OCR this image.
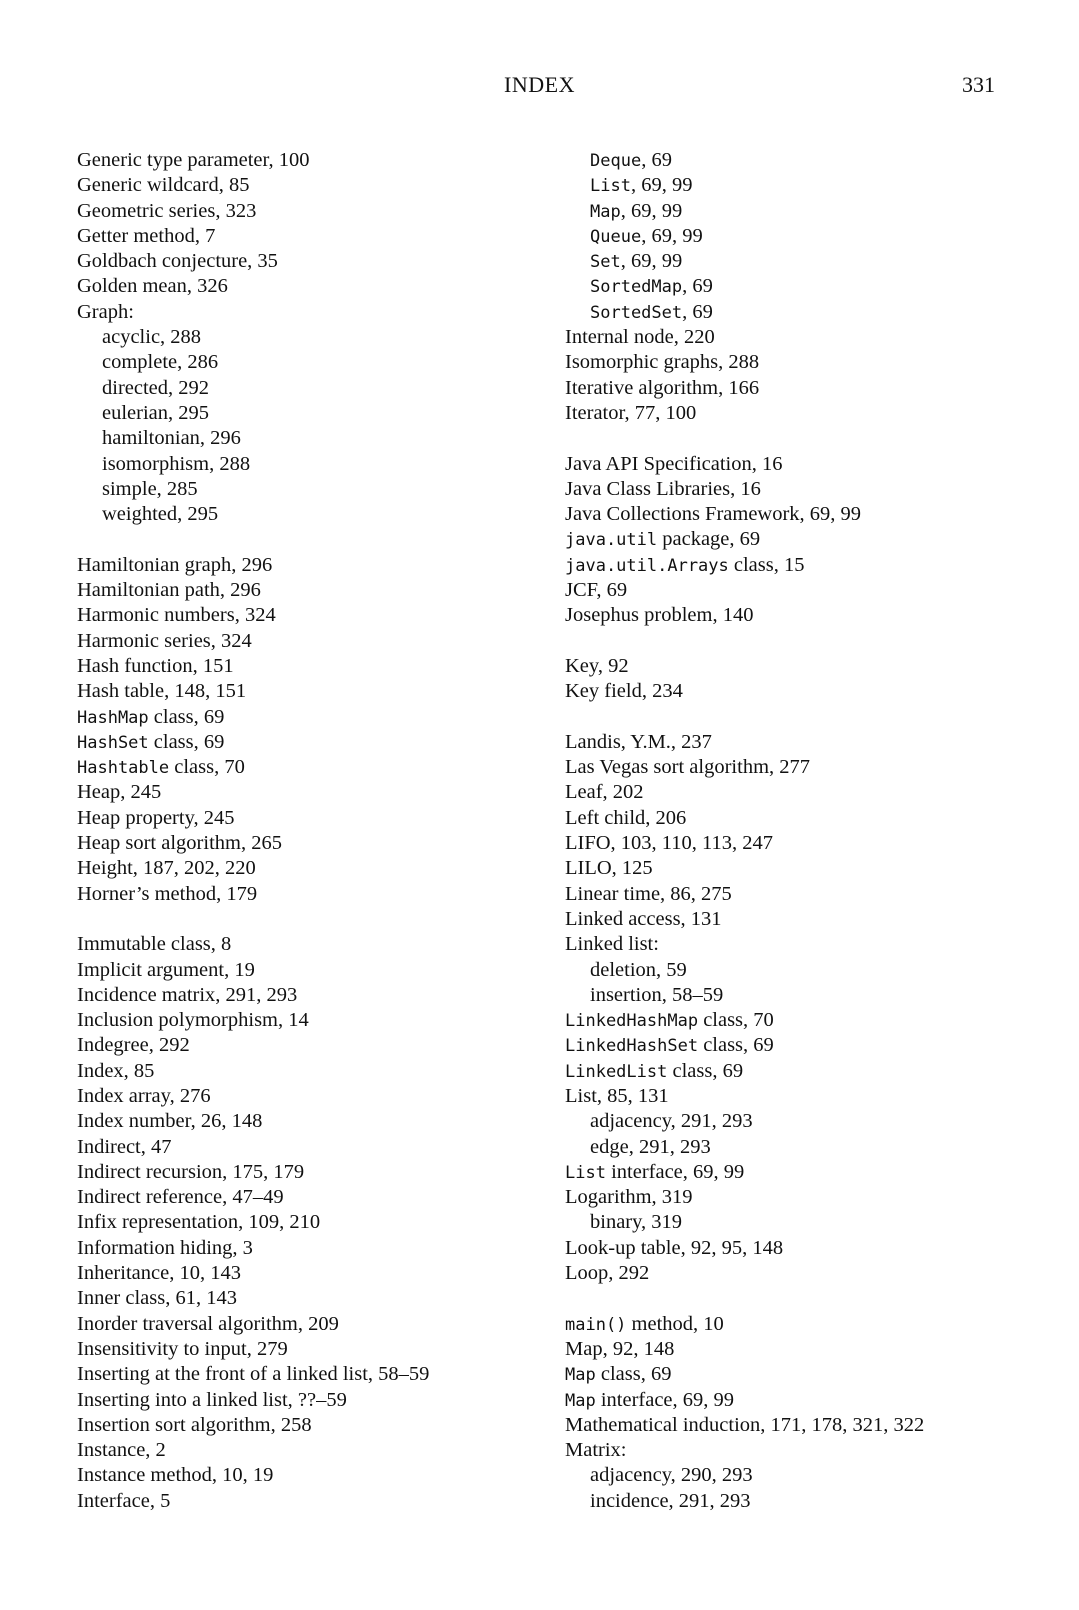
INDEX	331
Generic type parameter, 100
Generic wildcard, 85
Geometric series, 323
Getter method, 7
Goldbach conjecture, 35
Golden mean, 326
Graph:
acyclic, 288
complete, 286
directed, 292
eulerian, 295
hamiltonian, 296
isomorphism, 288
simple, 285
weighted, 295
Hamiltonian graph, 296
Hamiltonian path, 296
Harmonic numbers, 324
Harmonic series, 324
Hash function, 151
Hash table, 148, 151
HashMap class, 69
HashSet class, 69
Hashtable class, 70
Heap, 245
Heap property, 245
Heap sort algorithm, 265
Height, 187, 202, 220
Horner’s method, 179
Immutable class, 8
Implicit argument, 19
Incidence matrix, 291, 293
Inclusion polymorphism, 14
Indegree, 292
Index, 85
Index array, 276
Index number, 26, 148
Indirect, 47
Indirect recursion, 175, 179
Indirect reference, 47–49
Infix representation, 109, 210
Information hiding, 3
Inheritance, 10, 143
Inner class, 61, 143
Inorder traversal algorithm, 209
Insensitivity to input, 279
Inserting at the front of a linked list, 58–59
Inserting into a linked list, ??–59
Insertion sort algorithm, 258
Instance, 2
Instance method, 10, 19
Interface, 5
Deque, 69
List, 69, 99
Map, 69, 99
Queue, 69, 99
Set, 69, 99
SortedMap, 69
SortedSet, 69
Internal node, 220
Isomorphic graphs, 288
Iterative algorithm, 166
Iterator, 77, 100
Java API Specification, 16
Java Class Libraries, 16
Java Collections Framework, 69, 99
java.util package, 69
java.util.Arrays class, 15
JCF, 69
Josephus problem, 140
Key, 92
Key field, 234
Landis, Y.M., 237
Las Vegas sort algorithm, 277
Leaf, 202
Left child, 206
LIFO, 103, 110, 113, 247
LILO, 125
Linear time, 86, 275
Linked access, 131
Linked list:
deletion, 59
insertion, 58–59
LinkedHashMap class, 70
LinkedHashSet class, 69
LinkedList class, 69
List, 85, 131
adjacency, 291, 293
edge, 291, 293
List interface, 69, 99
Logarithm, 319
binary, 319
Look-up table, 92, 95, 148
Loop, 292
main() method, 10
Map, 92, 148
Map class, 69
Map interface, 69, 99
Mathematical induction, 171, 178, 321, 322
Matrix:
adjacency, 290, 293
incidence, 291, 293
